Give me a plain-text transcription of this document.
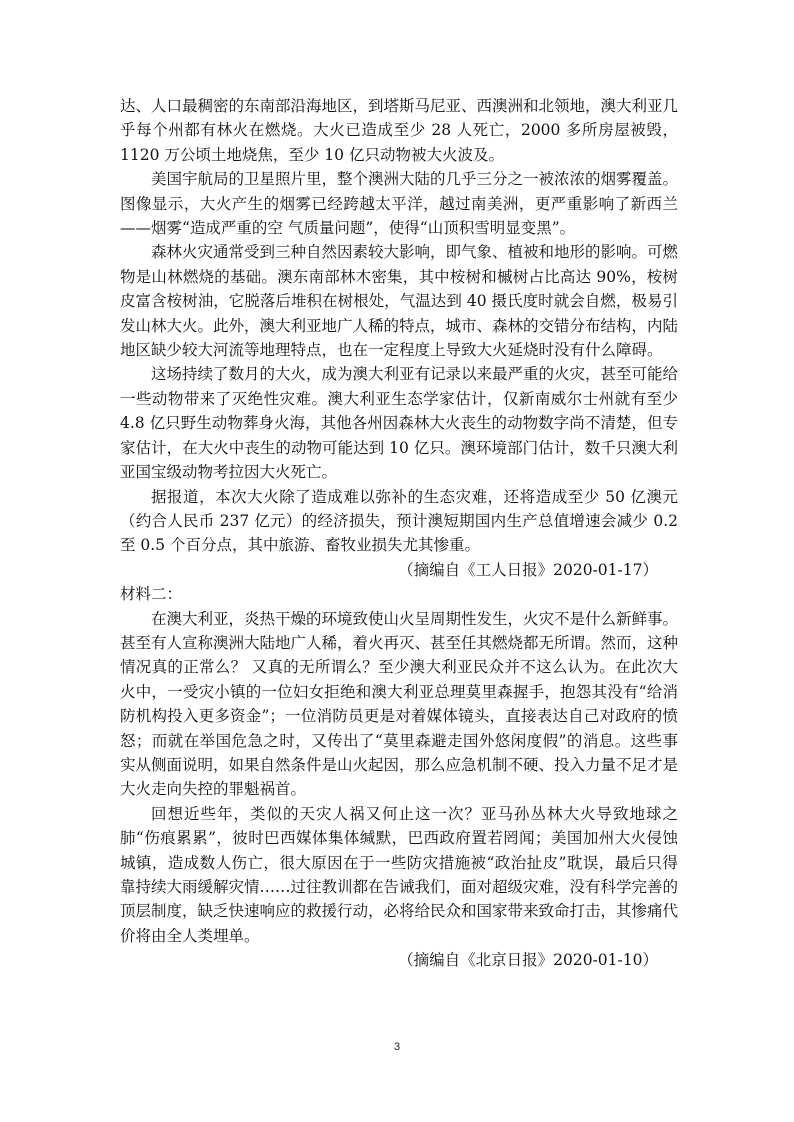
达、人口最稠密的东南部沿海地区，到塔斯马尼亚、西澳洲和北领地，澳大利亚几乎每个州都有林火在燃烧。大火已造成至少 28 人死亡，2000 多所房屋被毁，1120 万公顷土地烧焦，至少 10 亿只动物被大火波及。

美国宇航局的卫星照片里，整个澳洲大陆的几乎三分之一被浓浓的烟雾覆盖。图像显示，大火产生的烟雾已经跨越太平洋，越过南美洲，更严重影响了新西兰——烟雾“造成严重的空 气质量问题”，使得“山顶积雪明显变黑”。

森林火灾通常受到三种自然因素较大影响，即气象、植被和地形的影响。可燃物是山林燃烧的基础。澳东南部林木密集，其中桉树和槭树占比高达 90%，桉树皮富含桉树油，它脱落后堆积在树根处，气温达到 40 摄氏度时就会自燃，极易引发山林大火。此外，澳大利亚地广人稀的特点，城市、森林的交错分布结构，内陆地区缺少较大河流等地理特点，也在一定程度上导致大火延烧时没有什么障碍。

这场持续了数月的大火，成为澳大利亚有记录以来最严重的火灾，甚至可能给一些动物带来了灭绝性灾难。澳大利亚生态学家估计，仅新南威尔士州就有至少 4.8 亿只野生动物葬身火海，其他各州因森林大火丧生的动物数字尚不清楚，但专家估计，在大火中丧生的动物可能达到 10 亿只。澳环境部门估计，数千只澳大利亚国宝级动物考拉因大火死亡。

据报道，本次大火除了造成难以弥补的生态灾难，还将造成至少 50 亿澳元（约合人民币 237 亿元）的经济损失，预计澳短期国内生产总值增速会减少 0.2 至 0.5 个百分点，其中旅游、畜牧业损失尤其惨重。

（摘编自《工人日报》2020-01-17）

材料二：

在澳大利亚，炎热干燥的环境致使山火呈周期性发生，火灾不是什么新鲜事。甚至有人宣称澳洲大陆地广人稀，着火再灭、甚至任其燃烧都无所谓。然而，这种情况真的正常么？ 又真的无所谓么？至少澳大利亚民众并不这么认为。在此次大火中，一受灾小镇的一位妇女拒绝和澳大利亚总理莫里森握手，抱怨其没有“给消防机构投入更多资金”；一位消防员更是对着媒体镜头，直接表达自己对政府的愤怒；而就在举国危急之时，又传出了“莫里森避走国外悠闲度假”的消息。这些事实从侧面说明，如果自然条件是山火起因，那么应急机制不硬、投入力量不足才是大火走向失控的罪魁祸首。

回想近些年，类似的天灾人祸又何止这一次？亚马孙丛林大火导致地球之肺“伤痕累累”，彼时巴西媒体集体缄默，巴西政府置若罔闻；美国加州大火侵蚀城镇，造成数人伤亡，很大原因在于一些防灾措施被“政治扯皮”耽误，最后只得靠持续大雨缓解灾情……过往教训都在告诫我们，面对超级灾难，没有科学完善的顶层制度，缺乏快速响应的救援行动，必将给民众和国家带来致命打击，其惨痛代价将由全人类埋单。

（摘编自《北京日报》2020-01-10）

3
